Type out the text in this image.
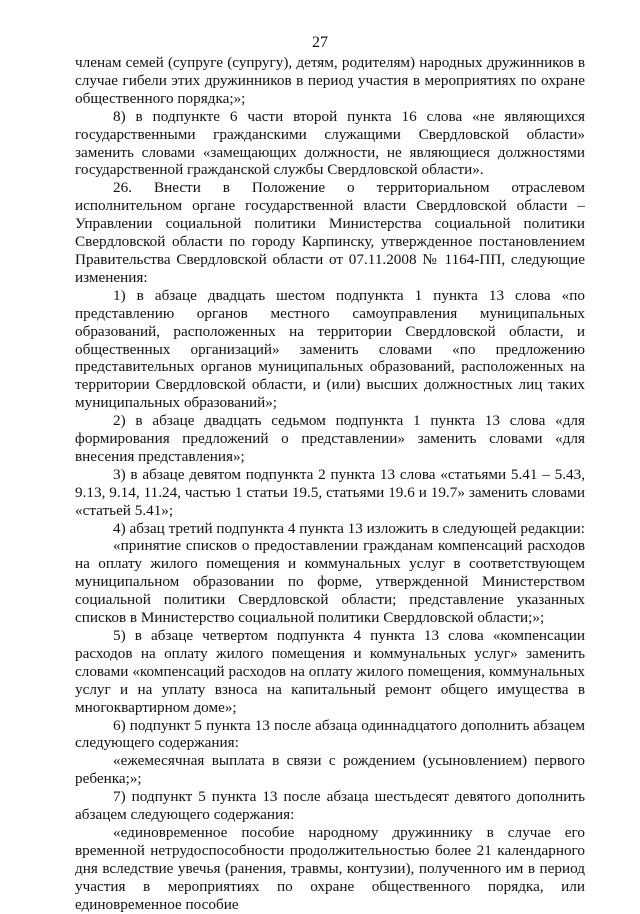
27

членам семей (супруге (супругу), детям, родителям) народных дружинников в случае гибели этих дружинников в период участия в мероприятиях по охране общественного порядка;»;

8) в подпункте 6 части второй пункта 16 слова «не являющихся государственными гражданскими служащими Свердловской области» заменить словами «замещающих должности, не являющиеся должностями государственной гражданской службы Свердловской области».

26. Внести в Положение о территориальном отраслевом исполнительном органе государственной власти Свердловской области – Управлении социальной политики Министерства социальной политики Свердловской области по городу Карпинску, утвержденное постановлением Правительства Свердловской области от 07.11.2008 № 1164-ПП, следующие изменения:

1) в абзаце двадцать шестом подпункта 1 пункта 13 слова «по представлению органов местного самоуправления муниципальных образований, расположенных на территории Свердловской области, и общественных организаций» заменить словами «по предложению представительных органов муниципальных образований, расположенных на территории Свердловской области, и (или) высших должностных лиц таких муниципальных образований»;

2) в абзаце двадцать седьмом подпункта 1 пункта 13 слова «для формирования предложений о представлении» заменить словами «для внесения представления»;

3) в абзаце девятом подпункта 2 пункта 13 слова «статьями 5.41 – 5.43, 9.13, 9.14, 11.24, частью 1 статьи 19.5, статьями 19.6 и 19.7» заменить словами «статьей 5.41»;

4) абзац третий подпункта 4 пункта 13 изложить в следующей редакции:

«принятие списков о предоставлении гражданам компенсаций расходов на оплату жилого помещения и коммунальных услуг в соответствующем муниципальном образовании по форме, утвержденной Министерством социальной политики Свердловской области; представление указанных списков в Министерство социальной политики Свердловской области;»;

5) в абзаце четвертом подпункта 4 пункта 13 слова «компенсации расходов на оплату жилого помещения и коммунальных услуг» заменить словами «компенсаций расходов на оплату жилого помещения, коммунальных услуг и на уплату взноса на капитальный ремонт общего имущества в многоквартирном доме»;

6) подпункт 5 пункта 13 после абзаца одиннадцатого дополнить абзацем следующего содержания:

«ежемесячная выплата в связи с рождением (усыновлением) первого ребенка;»;

7) подпункт 5 пункта 13 после абзаца шестьдесят девятого дополнить абзацем следующего содержания:

«единовременное пособие народному дружиннику в случае его временной нетрудоспособности продолжительностью более 21 календарного дня вследствие увечья (ранения, травмы, контузии), полученного им в период участия в мероприятиях по охране общественного порядка, или единовременное пособие
